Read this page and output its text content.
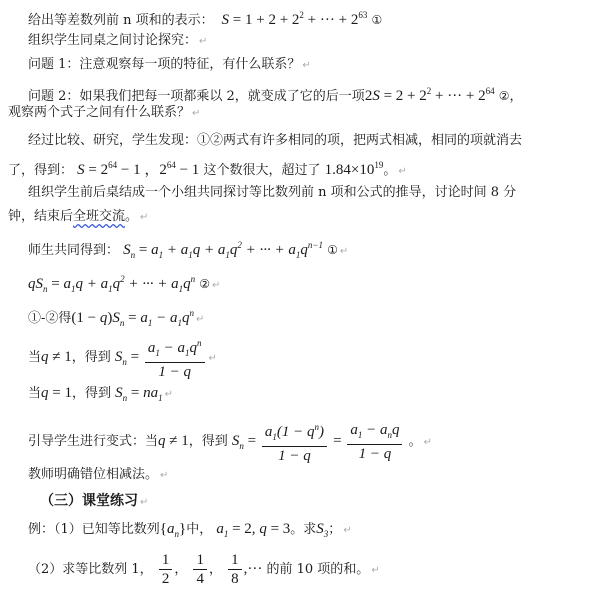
给出等差数列前 n 项和的表示：  $S = 1 + 2 + 2^2$ + ··· + $2^{63}$ ①
组织学生同桌之间讨论探究： ↵
问题 1：注意观察每一项的特征，有什么联系？ ↵
问题 2：如果我们把每一项都乘以 2，就变成了它的后一项$2S = 2 + 2^2$ + ··· + $2^{64}$ ②，
观察两个式子之间有什么联系？ ↵
经过比较、研究，学生发现：①②两式有许多相同的项，把两式相减，相同的项就消去
了，得到： $S = 2^{64} - 1$ ，$2^{64} - 1$ 这个数很大，超过了 $1.84\times 10^{19}$。 ↵
组织学生前后桌结成一个小组共同探讨等比数列前 n 项和公式的推导，讨论时间 8 分
钟，结束后全班交流。 ↵
师生共同得到： $S_n = a_1 + a_1q + a_1q^2$ + ··· + $a_1q^{n-1}$ ① ↵
$qS_n = a_1q + a_1q^2$ + ··· + $a_1q^n$ ② ↵
①-②得$(1 - q)S_n = a_1$ − $a_1q^n↵$
当q ≠ 1，得到 $S_n = \frac{a_1 - a_1q^n}{1 - q}$ ↵
当q = 1，得到 $S_n = na_1$ ↵
引导学生进行变式：当q ≠ 1，得到 $S_n = \frac{a_1(1 - q^n)}{1 - q} = \frac{a_1 - a_nq}{1 - q}$ 。 ↵
教师明确错位相减法。 ↵
（三）课堂练习 ↵
例：（1）已知等比数列$\{a_n\}$中， $a_1 = 2$, q = 3。求$S_3$； ↵
（2）求等比数列 1， $\frac{1}{2}$ ， $\frac{1}{4}$ ， $\frac{1}{8}$ ,··· 的前 10 项的和。 ↵
